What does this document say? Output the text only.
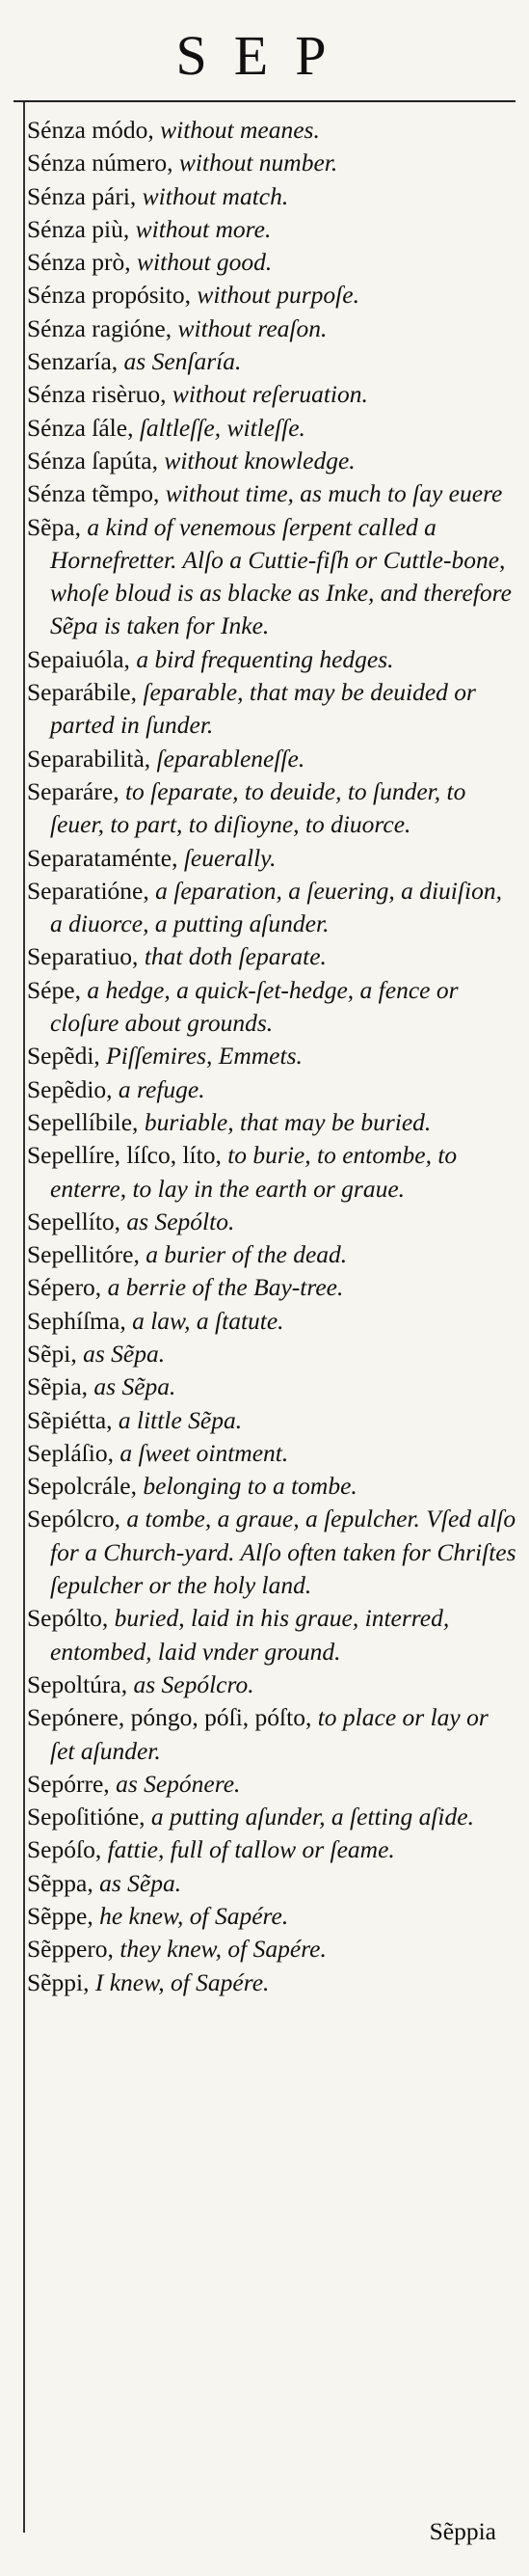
SEP
Sénza módo, without meanes.
Sénza número, without number.
Sénza pári, without match.
Sénza più, without more.
Sénza prò, without good.
Sénza propósito, without purpoſe.
Sénza ragióne, without reaſon.
Senzaría, as Senſaría.
Sénza risèruo, without reſeruation.
Sénza ſále, ſaltleſſe, witleſſe.
Sénza ſapúta, without knowledge.
Sénza tẽmpo, without time, as much to ſay euere
Sẽpa, a kind of venemous ſerpent called a Hornefretter. Alſo a Cuttie-fiſh or Cuttle-bone, whoſe bloud is as blacke as Inke, and therefore Sẽpa is taken for Inke.
Sepaiuóla, a bird frequenting hedges.
Separábile, ſeparable, that may be deuided or parted in ſunder.
Separabilità, ſeparableneſſe.
Separáre, to ſeparate, to deuide, to ſunder, to ſeuer, to part, to diſioyne, to diuorce.
Separataménte, ſeuerally.
Separatióne, a ſeparation, a ſeuering, a diuiſion, a diuorce, a putting aſunder.
Separatiuo, that doth ſeparate.
Sépe, a hedge, a quick-ſet-hedge, a fence or cloſure about grounds.
Sepẽdi, Piſſemires, Emmets.
Sepẽdio, a refuge.
Sepellíbile, buriable, that may be buried.
Sepellíre, líſco, líto, to burie, to entombe, to enterre, to lay in the earth or graue.
Sepellíto, as Sepólto.
Sepellitóre, a burier of the dead.
Sépero, a berrie of the Bay-tree.
Sephíſma, a law, a ſtatute.
Sẽpi, as Sẽpa.
Sẽpia, as Sẽpa.
Sẽpiétta, a little Sẽpa.
Sepláſio, a ſweet ointment.
Sepolcrále, belonging to a tombe.
Sepólcro, a tombe, a graue, a ſepulcher. Vſed alſo for a Church-yard. Alſo often taken for Chriſtes ſepulcher or the holy land.
Sepólto, buried, laid in his graue, interred, entombed, laid vnder ground.
Sepoltúra, as Sepólcro.
Sepónere, póngo, póſi, póſto, to place or lay or ſet aſunder.
Sepórre, as Sepónere.
Sepoſitióne, a putting aſunder, a ſetting aſide.
Sepóſo, fattie, full of tallow or ſeame.
Sẽppa, as Sẽpa.
Sẽppe, he knew, of Sapére.
Sẽppero, they knew, of Sapére.
Sẽppi, I knew, of Sapére.
Sẽppia
